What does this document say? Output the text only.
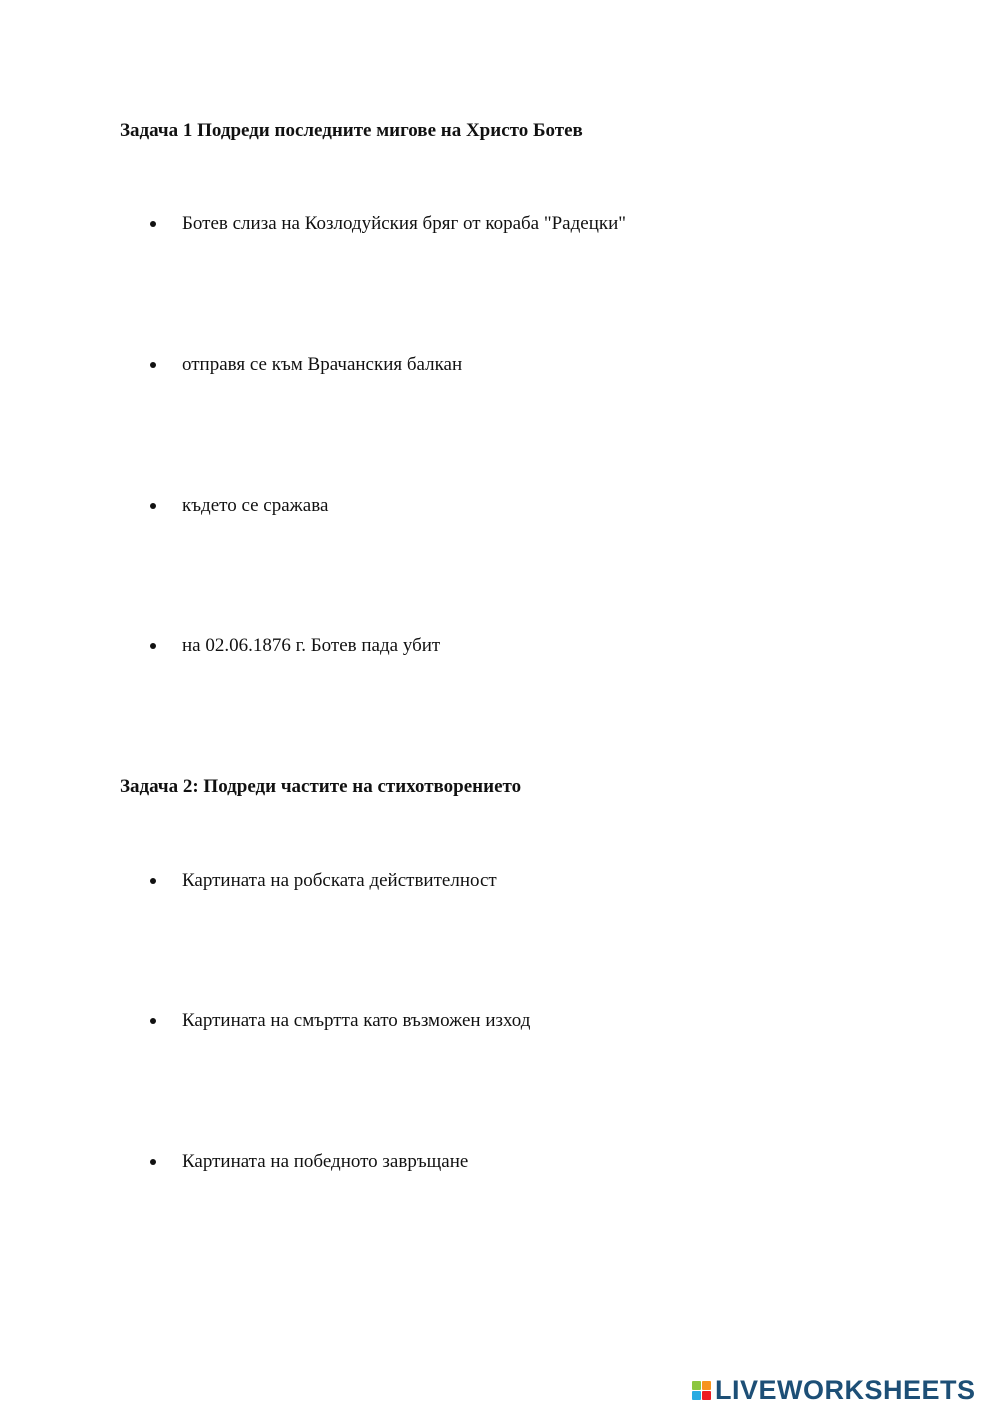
Задача 1 Подреди последните мигове на Христо Ботев
Ботев слиза на Козлодуйския бряг от кораба "Радецки"
отправя се към Врачанския балкан
където се сражава
на 02.06.1876 г. Ботев пада убит
Задача 2: Подреди частите на стихотворението
Картината на робската действителност
Картината на смъртта като възможен изход
Картината на победното завръщане
LIVEWORKSHEETS
